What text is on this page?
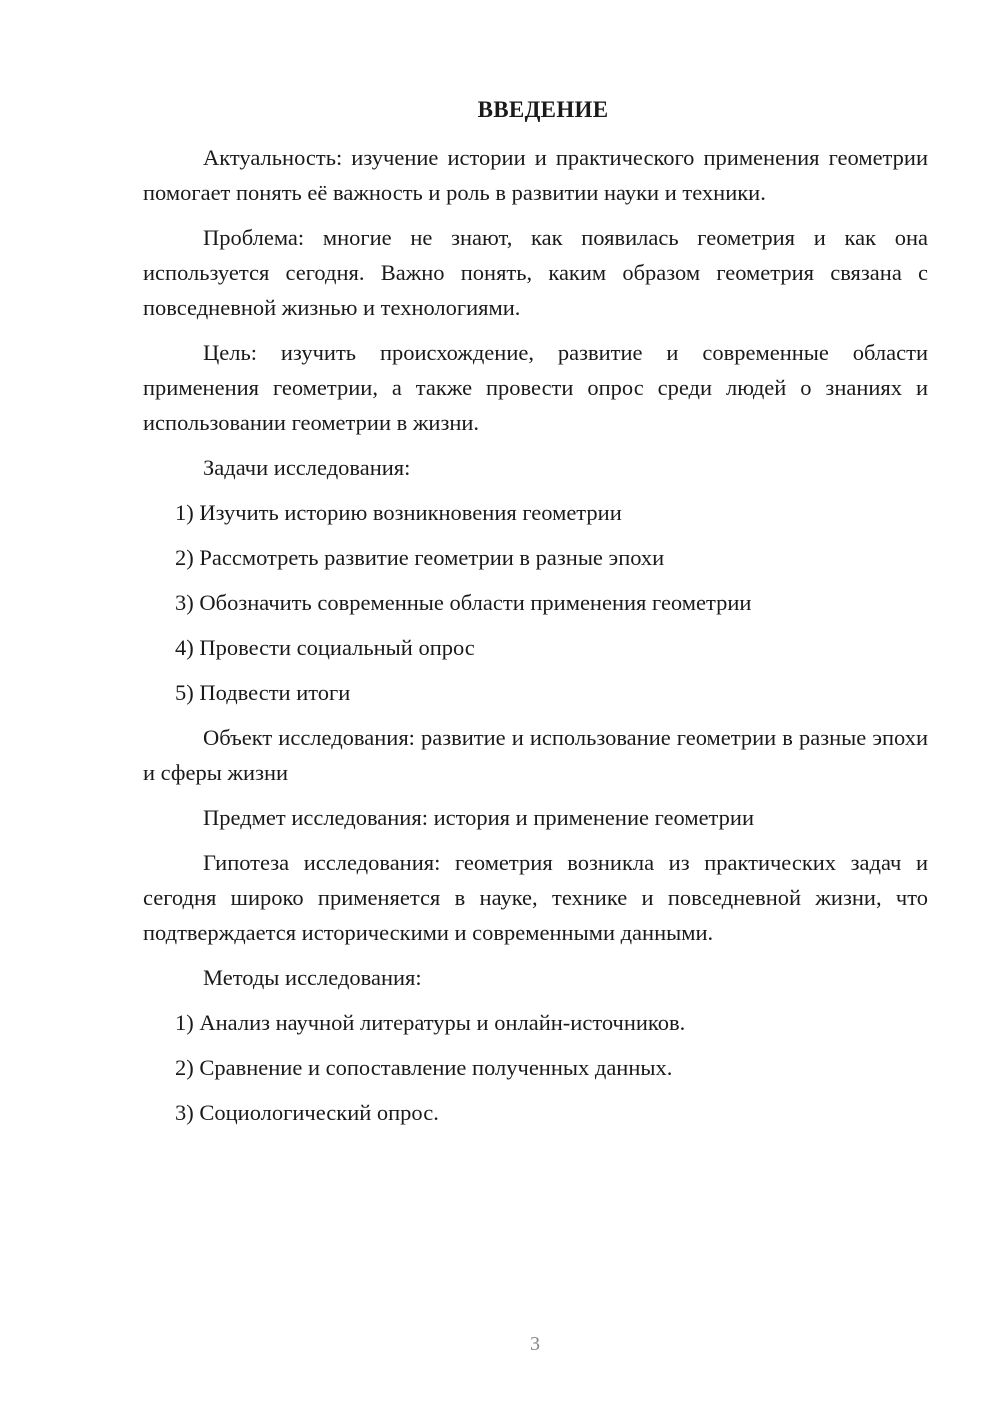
ВВЕДЕНИЕ

Актуальность: изучение истории и практического применения геометрии помогает понять её важность и роль в развитии науки и техники.

Проблема: многие не знают, как появилась геометрия и как она используется сегодня. Важно понять, каким образом геометрия связана с повседневной жизнью и технологиями.

Цель: изучить происхождение, развитие и современные области применения геометрии, а также провести опрос среди людей о знаниях и использовании геометрии в жизни.

Задачи исследования:

1) Изучить историю возникновения геометрии
2) Рассмотреть развитие геометрии в разные эпохи
3) Обозначить современные области применения геометрии
4) Провести социальный опрос
5) Подвести итоги

Объект исследования: развитие и использование геометрии в разные эпохи и сферы жизни

Предмет исследования: история и применение геометрии

Гипотеза исследования: геометрия возникла из практических задач и сегодня широко применяется в науке, технике и повседневной жизни, что подтверждается историческими и современными данными.

Методы исследования:

1) Анализ научной литературы и онлайн-источников.
2) Сравнение и сопоставление полученных данных.
3) Социологический опрос.
3
